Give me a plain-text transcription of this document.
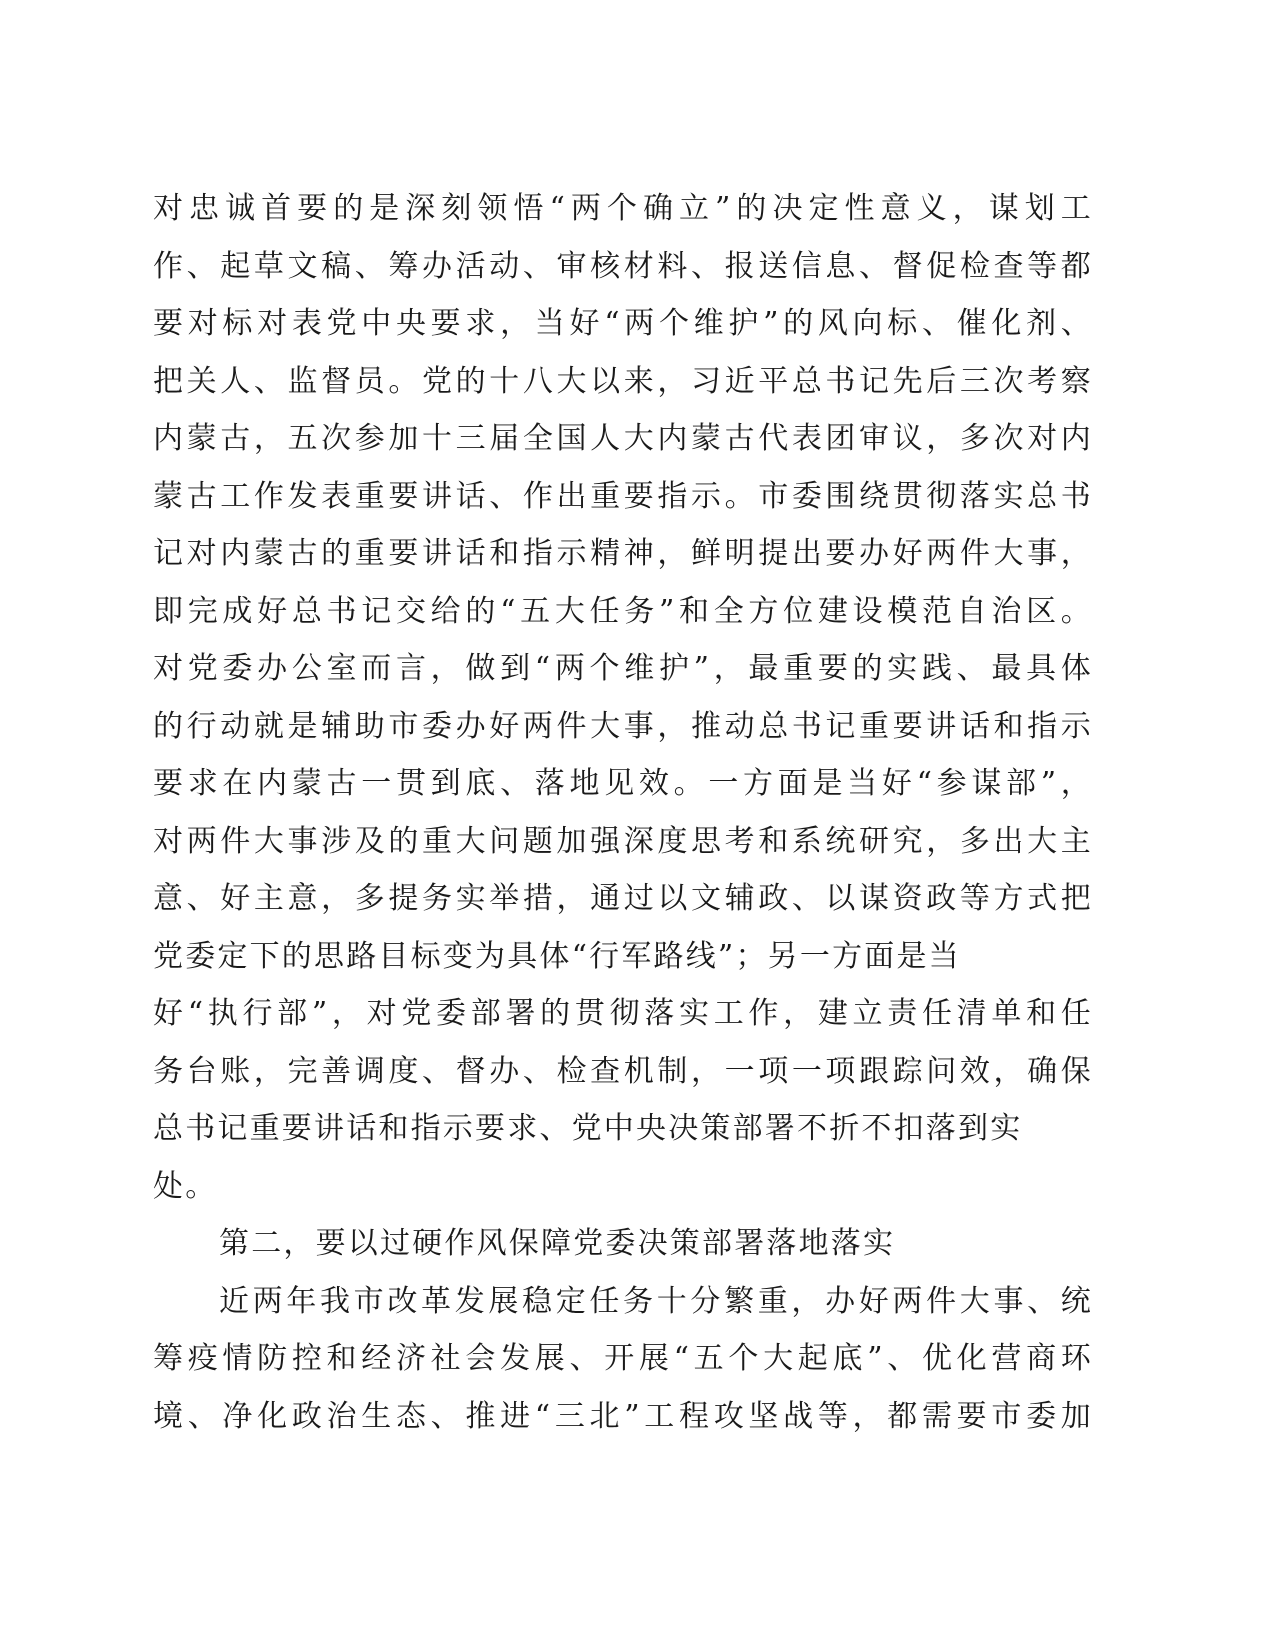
对忠诚首要的是深刻领悟“两个确立”的决定性意义，谋划工
作、起草文稿、筹办活动、审核材料、报送信息、督促检查等都
要对标对表党中央要求，当好“两个维护”的风向标、催化剂、
把关人、监督员。党的十八大以来，习近平总书记先后三次考察
内蒙古，五次参加十三届全国人大内蒙古代表团审议，多次对内
蒙古工作发表重要讲话、作出重要指示。市委围绕贯彻落实总书
记对内蒙古的重要讲话和指示精神，鲜明提出要办好两件大事，
即完成好总书记交给的“五大任务”和全方位建设模范自治区。
对党委办公室而言，做到“两个维护”，最重要的实践、最具体
的行动就是辅助市委办好两件大事，推动总书记重要讲话和指示
要求在内蒙古一贯到底、落地见效。一方面是当好“参谋部”，
对两件大事涉及的重大问题加强深度思考和系统研究，多出大主
意、好主意，多提务实举措，通过以文辅政、以谋资政等方式把
党委定下的思路目标变为具体“行军路线”；另一方面是当
好“执行部”，对党委部署的贯彻落实工作，建立责任清单和任
务台账，完善调度、督办、检查机制，一项一项跟踪问效，确保
总书记重要讲话和指示要求、党中央决策部署不折不扣落到实
处。
第二，要以过硬作风保障党委决策部署落地落实
近两年我市改革发展稳定任务十分繁重，办好两件大事、统
筹疫情防控和经济社会发展、开展“五个大起底”、优化营商环
境、净化政治生态、推进“三北”工程攻坚战等，都需要市委加
